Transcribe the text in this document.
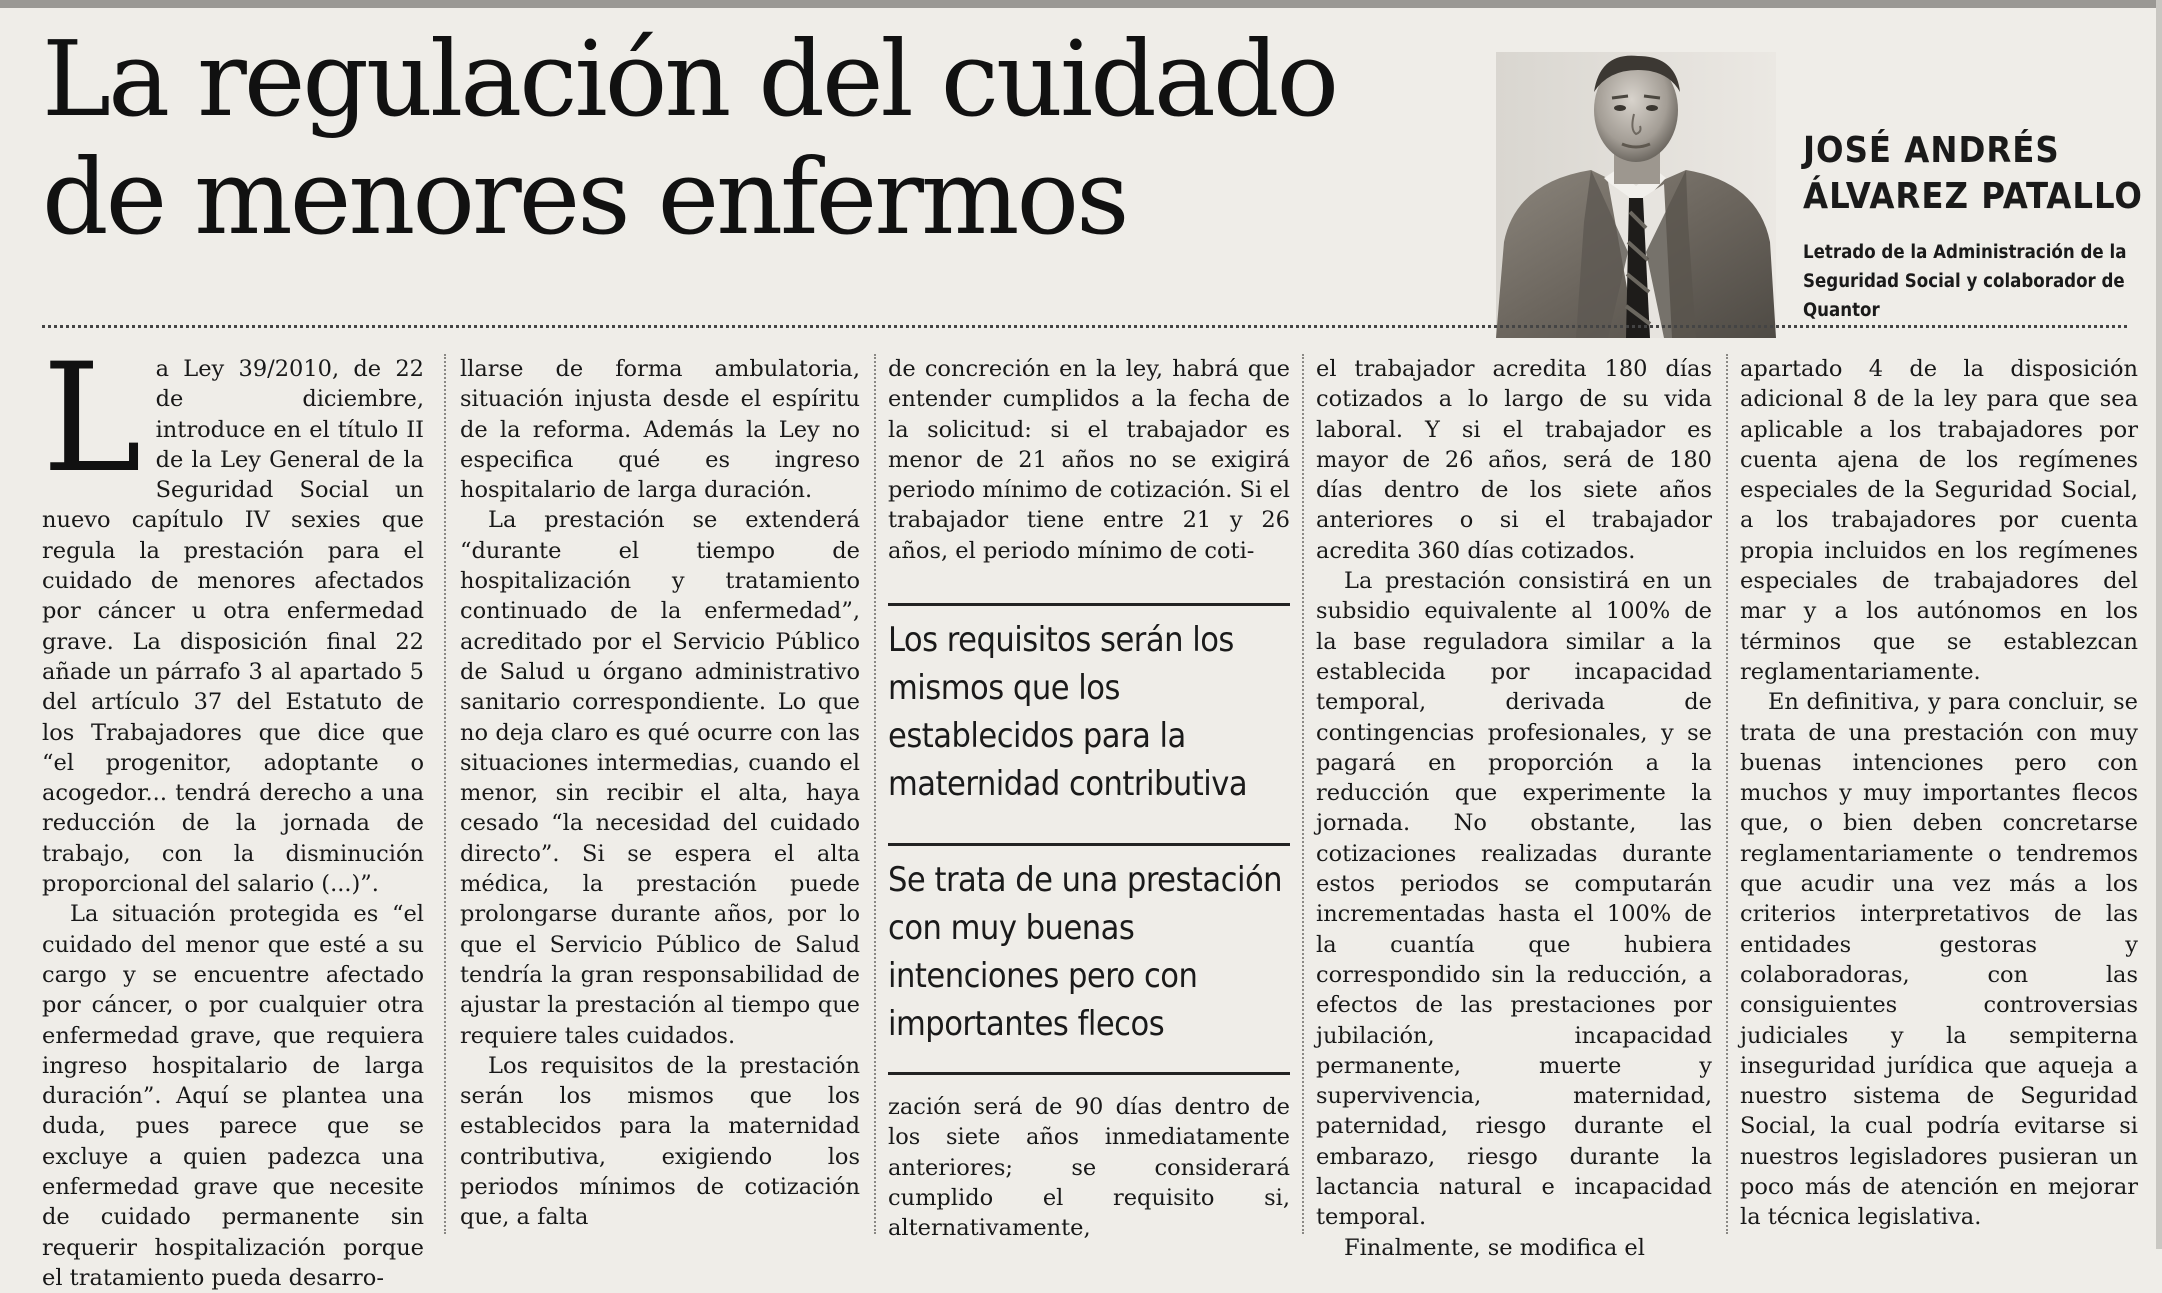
La regulación del cuidado
de menores enfermos	JOSÉ ANDRÉS
ÁLVAREZ PATALLO

Letrado de la Administración de la Seguridad Social y colaborador de Quantor

La Ley 39/2010, de 22 de diciembre, introduce en el título II de la Ley General de la Seguridad Social un nuevo capítulo IV sexies que regula la prestación para el cuidado de menores afectados por cáncer u otra enfermedad grave. La disposición final 22 añade un párrafo 3 al apartado 5 del artículo 37 del Estatuto de los Trabajadores que dice que “el progenitor, adoptante o acogedor... tendrá derecho a una reducción de la jornada de trabajo, con la disminución proporcional del salario (...)”.

La situación protegida es “el cuidado del menor que esté a su cargo y se encuentre afectado por cáncer, o por cualquier otra enfermedad grave, que requiera ingreso hospitalario de larga duración”. Aquí se plantea una duda, pues parece que se excluye a quien padezca una enfermedad grave que necesite de cuidado permanente sin requerir hospitalización porque el tratamiento pueda desarro-

llarse de forma ambulatoria, situación injusta desde el espíritu de la reforma. Además la Ley no especifica qué es ingreso hospitalario de larga duración.

La prestación se extenderá “durante el tiempo de hospitalización y tratamiento continuado de la enfermedad”, acreditado por el Servicio Público de Salud u órgano administrativo sanitario correspondiente. Lo que no deja claro es qué ocurre con las situaciones intermedias, cuando el menor, sin recibir el alta, haya cesado “la necesidad del cuidado directo”. Si se espera el alta médica, la prestación puede prolongarse durante años, por lo que el Servicio Público de Salud tendría la gran responsabilidad de ajustar la prestación al tiempo que requiere tales cuidados.

Los requisitos de la prestación serán los mismos que los establecidos para la maternidad contributiva, exigiendo los periodos mínimos de cotización que, a falta

de concreción en la ley, habrá que entender cumplidos a la fecha de la solicitud: si el trabajador es menor de 21 años no se exigirá periodo mínimo de cotización. Si el trabajador tiene entre 21 y 26 años, el periodo mínimo de coti-

Los requisitos serán los mismos que los establecidos para la maternidad contributiva

Se trata de una prestación con muy buenas intenciones pero con importantes flecos

zación será de 90 días dentro de los siete años inmediatamente anteriores; se considerará cumplido el requisito si, alternativamente,

el trabajador acredita 180 días cotizados a lo largo de su vida laboral. Y si el trabajador es mayor de 26 años, será de 180 días dentro de los siete años anteriores o si el trabajador acredita 360 días cotizados.

La prestación consistirá en un subsidio equivalente al 100% de la base reguladora similar a la establecida por incapacidad temporal, derivada de contingencias profesionales, y se pagará en proporción a la reducción que experimente la jornada. No obstante, las cotizaciones realizadas durante estos periodos se computarán incrementadas hasta el 100% de la cuantía que hubiera correspondido sin la reducción, a efectos de las prestaciones por jubilación, incapacidad permanente, muerte y supervivencia, maternidad, paternidad, riesgo durante el embarazo, riesgo durante la lactancia natural e incapacidad temporal.

Finalmente, se modifica el

apartado 4 de la disposición adicional 8 de la ley para que sea aplicable a los trabajadores por cuenta ajena de los regímenes especiales de la Seguridad Social, a los trabajadores por cuenta propia incluidos en los regímenes especiales de trabajadores del mar y a los autónomos en los términos que se establezcan reglamentariamente.

En definitiva, y para concluir, se trata de una prestación con muy buenas intenciones pero con muchos y muy importantes flecos que, o bien deben concretarse reglamentariamente o tendremos que acudir una vez más a los criterios interpretativos de las entidades gestoras y colaboradoras, con las consiguientes controversias judiciales y la sempiterna inseguridad jurídica que aqueja a nuestro sistema de Seguridad Social, la cual podría evitarse si nuestros legisladores pusieran un poco más de atención en mejorar la técnica legislativa.
